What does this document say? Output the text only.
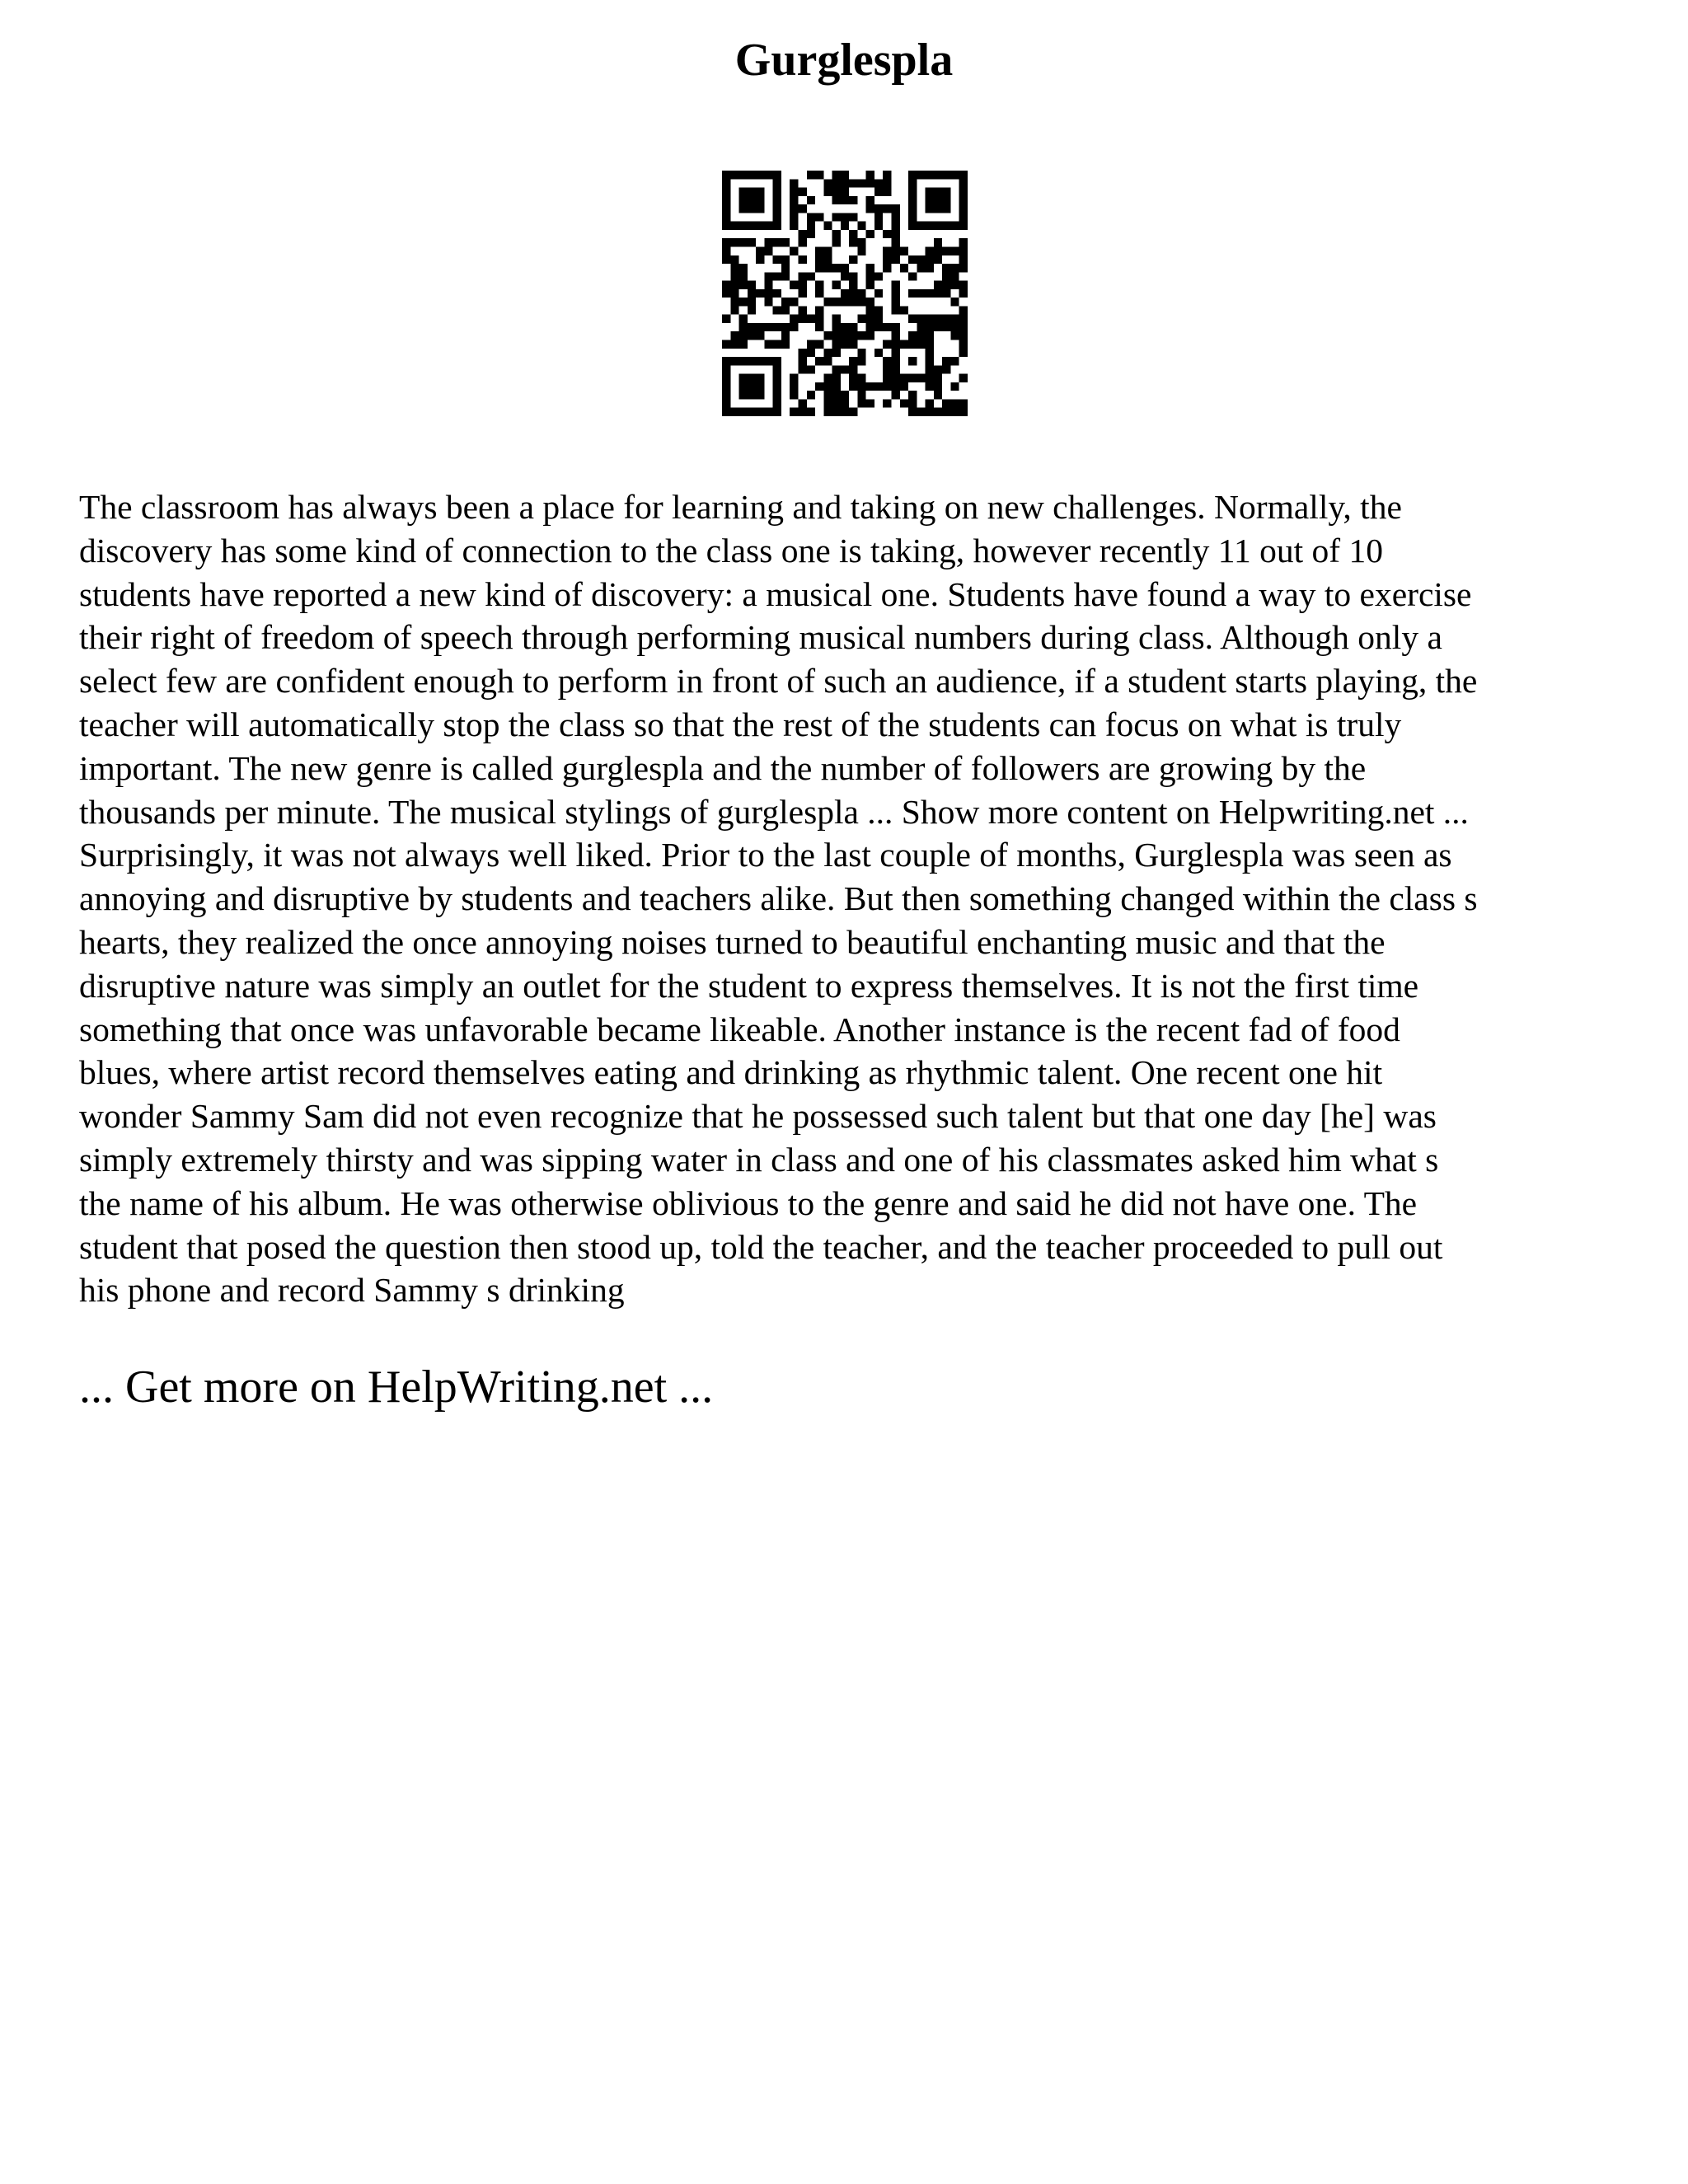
Gurglespla

The classroom has always been a place for learning and taking on new challenges. Normally, the
discovery has some kind of connection to the class one is taking, however recently 11 out of 10
students have reported a new kind of discovery: a musical one. Students have found a way to exercise
their right of freedom of speech through performing musical numbers during class. Although only a
select few are confident enough to perform in front of such an audience, if a student starts playing, the
teacher will automatically stop the class so that the rest of the students can focus on what is truly
important. The new genre is called gurglespla and the number of followers are growing by the
thousands per minute. The musical stylings of gurglespla ... Show more content on Helpwriting.net ...
Surprisingly, it was not always well liked. Prior to the last couple of months, Gurglespla was seen as
annoying and disruptive by students and teachers alike. But then something changed within the class s
hearts, they realized the once annoying noises turned to beautiful enchanting music and that the
disruptive nature was simply an outlet for the student to express themselves. It is not the first time
something that once was unfavorable became likeable. Another instance is the recent fad of food
blues, where artist record themselves eating and drinking as rhythmic talent. One recent one hit
wonder Sammy Sam did not even recognize that he possessed such talent but that one day [he] was
simply extremely thirsty and was sipping water in class and one of his classmates asked him what s
the name of his album. He was otherwise oblivious to the genre and said he did not have one. The
student that posed the question then stood up, told the teacher, and the teacher proceeded to pull out
his phone and record Sammy s drinking

... Get more on HelpWriting.net ...
